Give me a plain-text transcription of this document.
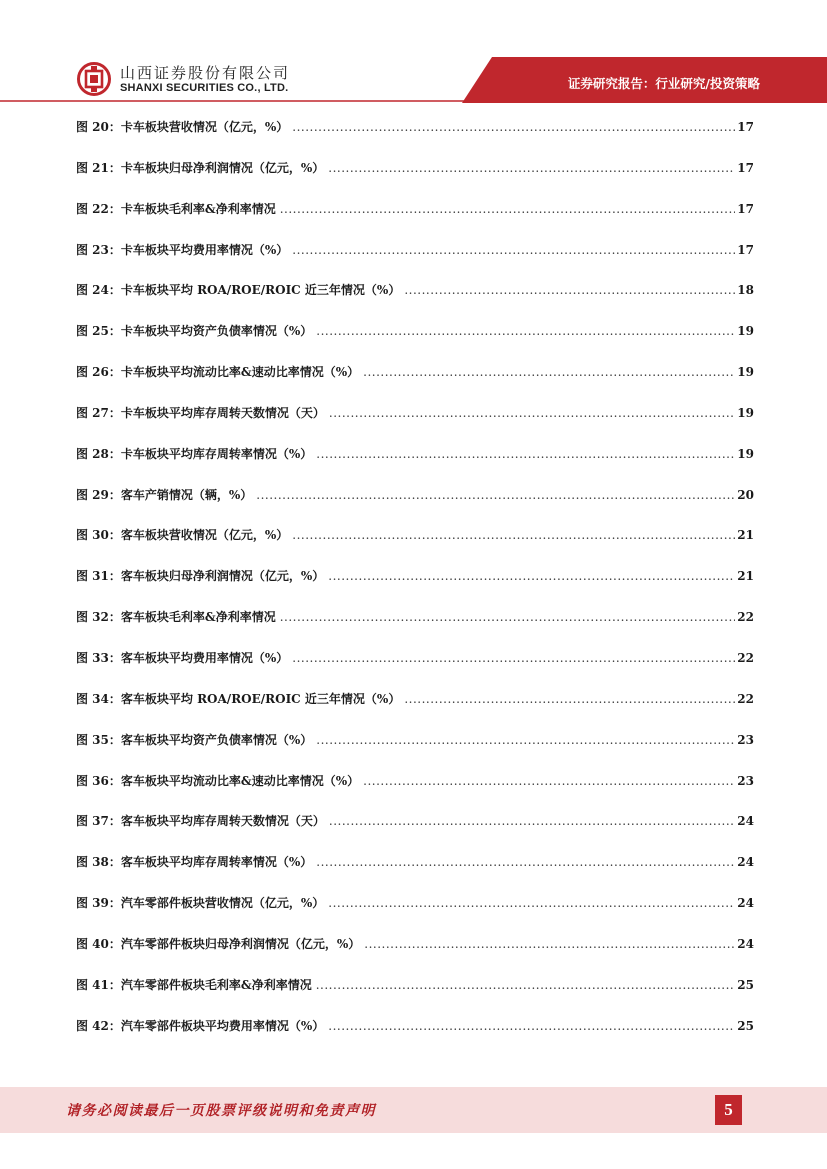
山西证券股份有限公司
SHANXI SECURITIES CO., LTD.	证券研究报告：行业研究/投资策略
图 20： 卡车板块营收情况（亿元，%） .....	17
图 21： 卡车板块归母净利润情况（亿元，%） .....	17
图 22： 卡车板块毛利率&净利率情况 .....	17
图 23： 卡车板块平均费用率情况（%） .....	17
图 24： 卡车板块平均 ROA/ROE/ROIC 近三年情况（%） .....	18
图 25： 卡车板块平均资产负债率情况（%） .....	19
图 26： 卡车板块平均流动比率&速动比率情况（%） .....	19
图 27： 卡车板块平均库存周转天数情况（天） .....	19
图 28： 卡车板块平均库存周转率情况（%） .....	19
图 29： 客车产销情况（辆，%） .....	20
图 30： 客车板块营收情况（亿元，%） .....	21
图 31： 客车板块归母净利润情况（亿元，%） .....	21
图 32： 客车板块毛利率&净利率情况 .....	22
图 33： 客车板块平均费用率情况（%） .....	22
图 34： 客车板块平均 ROA/ROE/ROIC 近三年情况（%） .....	22
图 35： 客车板块平均资产负债率情况（%） .....	23
图 36： 客车板块平均流动比率&速动比率情况（%） .....	23
图 37： 客车板块平均库存周转天数情况（天） .....	24
图 38： 客车板块平均库存周转率情况（%） .....	24
图 39： 汽车零部件板块营收情况（亿元，%） .....	24
图 40： 汽车零部件板块归母净利润情况（亿元，%） .....	24
图 41： 汽车零部件板块毛利率&净利率情况 .....	25
图 42： 汽车零部件板块平均费用率情况（%） .....	25
请务必阅读最后一页股票评级说明和免责声明	5
